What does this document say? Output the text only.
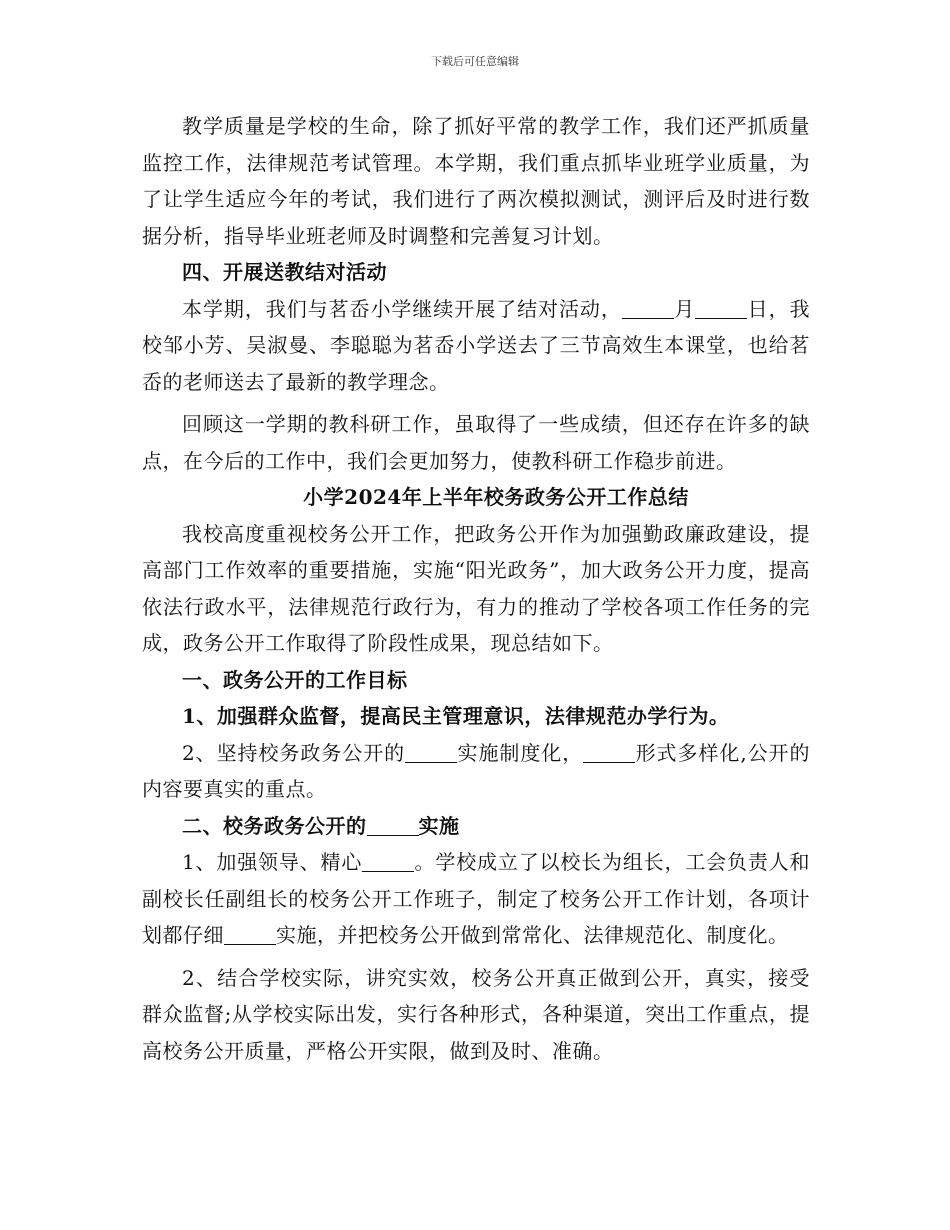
下载后可任意编辑

教学质量是学校的生命，除了抓好平常的教学工作，我们还严抓质量监控工作，法律规范考试管理。本学期，我们重点抓毕业班学业质量，为了让学生适应今年的考试，我们进行了两次模拟测试，测评后及时进行数据分析，指导毕业班老师及时调整和完善复习计划。

四、开展送教结对活动

本学期，我们与茗岙小学继续开展了结对活动，	月	日，我校邹小芳、吴淑曼、李聪聪为茗岙小学送去了三节高效生本课堂，也给茗岙的老师送去了最新的教学理念。

回顾这一学期的教科研工作，虽取得了一些成绩，但还存在许多的缺点，在今后的工作中，我们会更加努力，使教科研工作稳步前进。

小学2024年上半年校务政务公开工作总结

我校高度重视校务公开工作，把政务公开作为加强勤政廉政建设，提高部门工作效率的重要措施，实施“阳光政务”，加大政务公开力度，提高依法行政水平，法律规范行政行为，有力的推动了学校各项工作任务的完成，政务公开工作取得了阶段性成果，现总结如下。

一、政务公开的工作目标

1、加强群众监督，提高民主管理意识，法律规范办学行为。

2、坚持校务政务公开的	实施制度化，	形式多样化,公开的内容要真实的重点。

二、校务政务公开的	实施

1、加强领导、精心	。学校成立了以校长为组长，工会负责人和副校长任副组长的校务公开工作班子，制定了校务公开工作计划，各项计划都仔细	实施，并把校务公开做到常常化、法律规范化、制度化。

2、结合学校实际，讲究实效，校务公开真正做到公开，真实，接受群众监督;从学校实际出发，实行各种形式，各种渠道，突出工作重点，提高校务公开质量，严格公开实限，做到及时、准确。
